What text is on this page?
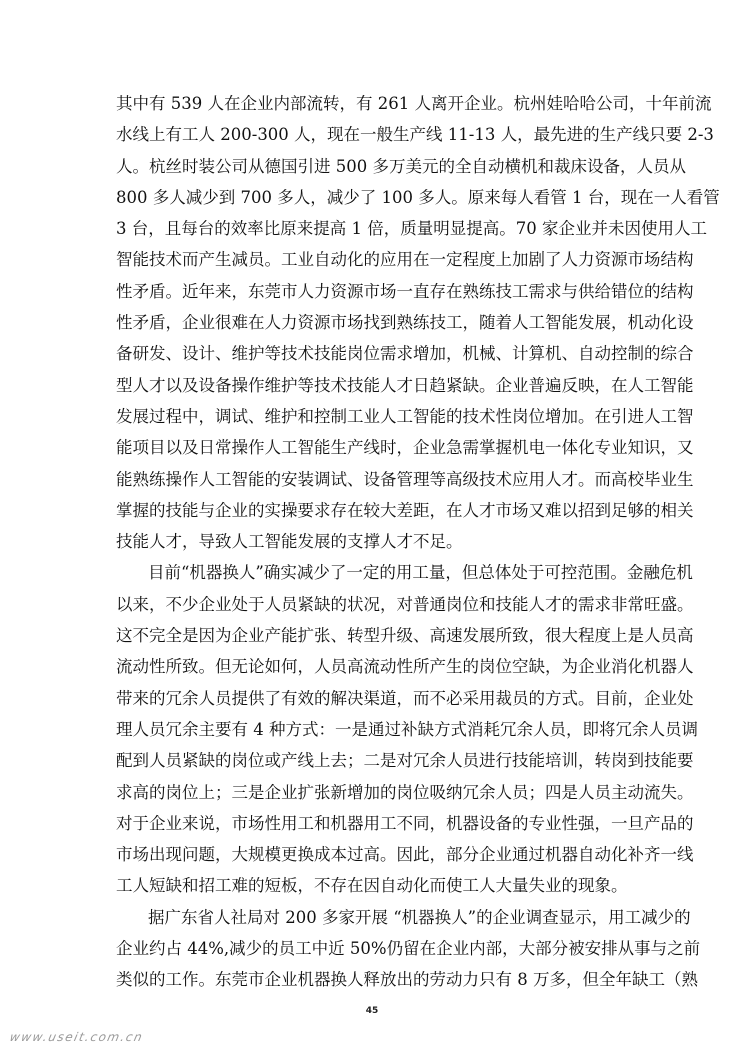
其中有 539 人在企业内部流转，有 261 人离开企业。杭州娃哈哈公司，十年前流

水线上有工人 200-300 人，现在一般生产线 11-13 人，最先进的生产线只要 2-3

人。杭丝时装公司从德国引进 500 多万美元的全自动横机和裁床设备，人员从

800 多人减少到 700 多人，减少了 100 多人。原来每人看管 1 台，现在一人看管

3 台，且每台的效率比原来提高 1 倍，质量明显提高。70 家企业并未因使用人工

智能技术而产生减员。工业自动化的应用在一定程度上加剧了人力资源市场结构

性矛盾。近年来，东莞市人力资源市场一直存在熟练技工需求与供给错位的结构

性矛盾，企业很难在人力资源市场找到熟练技工，随着人工智能发展，机动化设

备研发、设计、维护等技术技能岗位需求增加，机械、计算机、自动控制的综合

型人才以及设备操作维护等技术技能人才日趋紧缺。企业普遍反映，在人工智能

发展过程中，调试、维护和控制工业人工智能的技术性岗位增加。在引进人工智

能项目以及日常操作人工智能生产线时，企业急需掌握机电一体化专业知识，又

能熟练操作人工智能的安装调试、设备管理等高级技术应用人才。而高校毕业生

掌握的技能与企业的实操要求存在较大差距，在人才市场又难以招到足够的相关

技能人才，导致人工智能发展的支撑人才不足。

目前“机器换人”确实减少了一定的用工量，但总体处于可控范围。金融危机

以来，不少企业处于人员紧缺的状况，对普通岗位和技能人才的需求非常旺盛。

这不完全是因为企业产能扩张、转型升级、高速发展所致，很大程度上是人员高

流动性所致。但无论如何，人员高流动性所产生的岗位空缺，为企业消化机器人

带来的冗余人员提供了有效的解决渠道，而不必采用裁员的方式。目前，企业处

理人员冗余主要有 4 种方式：一是通过补缺方式消耗冗余人员，即将冗余人员调

配到人员紧缺的岗位或产线上去；二是对冗余人员进行技能培训，转岗到技能要

求高的岗位上；三是企业扩张新增加的岗位吸纳冗余人员；四是人员主动流失。

对于企业来说，市场性用工和机器用工不同，机器设备的专业性强，一旦产品的

市场出现问题，大规模更换成本过高。因此，部分企业通过机器自动化补齐一线

工人短缺和招工难的短板，不存在因自动化而使工人大量失业的现象。

据广东省人社局对 200 多家开展 “机器换人”的企业调查显示，用工减少的

企业约占 44%,减少的员工中近 50%仍留在企业内部，大部分被安排从事与之前

类似的工作。东莞市企业机器换人释放出的劳动力只有 8 万多，但全年缺工（熟

45
www.useit.com.cn
